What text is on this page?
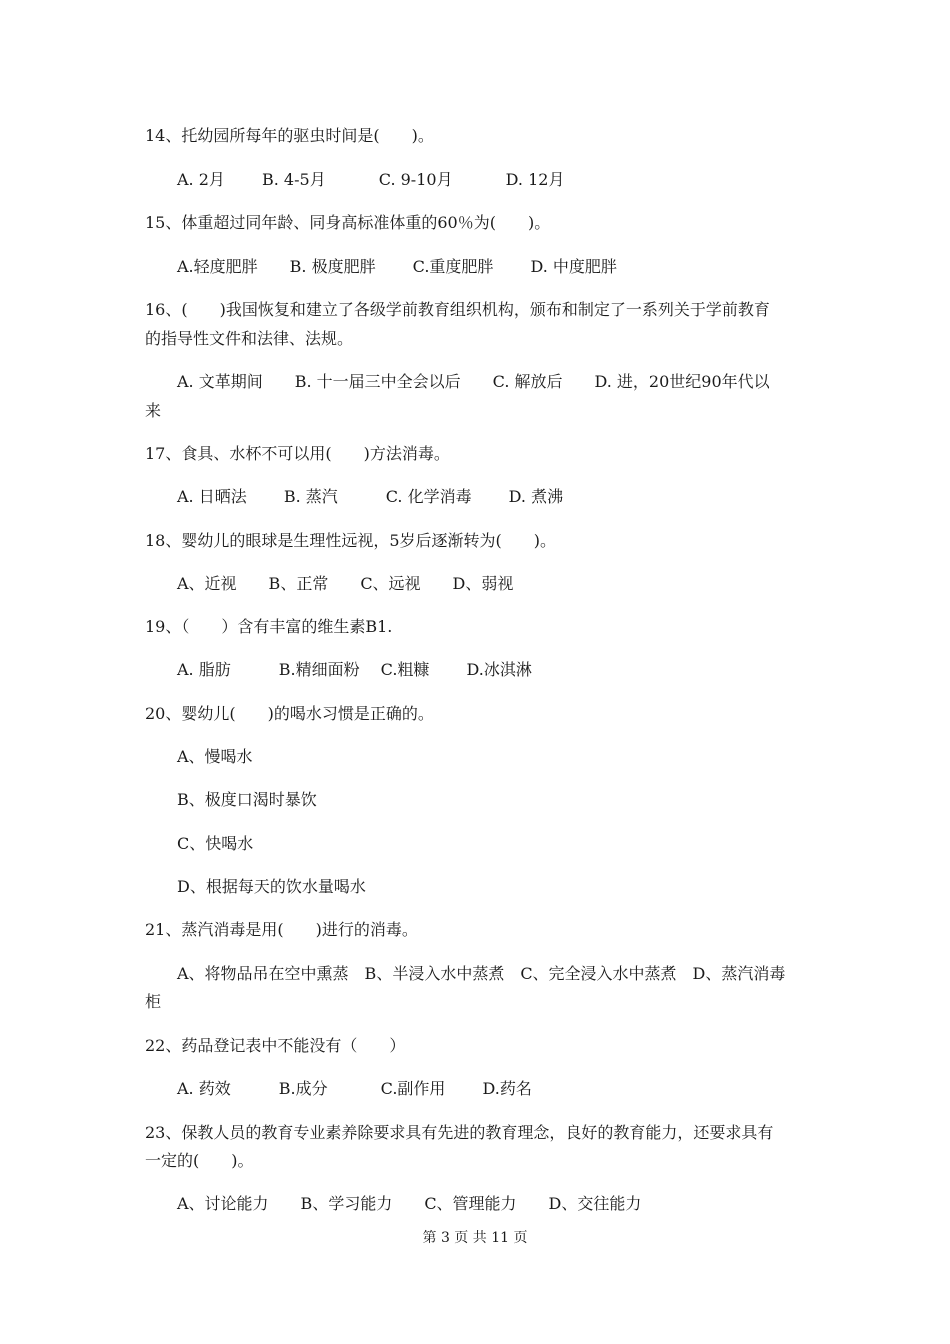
14、托幼园所每年的驱虫时间是(　　)。
A. 2月　　 B. 4-5月　　　 C. 9-10月　　　 D. 12月
15、体重超过同年龄、同身高标准体重的60％为(　　)。
A.轻度肥胖　　B. 极度肥胖　　 C.重度肥胖　　 D. 中度肥胖
16、(　　)我国恢复和建立了各级学前教育组织机构，颁布和制定了一系列关于学前教育
的指导性文件和法律、法规。
A. 文革期间　　B. 十一届三中全会以后　　C. 解放后　　D. 进，20世纪90年代以
来
17、食具、水杯不可以用(　　)方法消毒。
A. 日晒法　　 B. 蒸汽　　　C. 化学消毒　　 D. 煮沸
18、婴幼儿的眼球是生理性远视，5岁后逐渐转为(　　)。
A、近视　　B、正常　　C、远视　　D、弱视
19、（　　）含有丰富的维生素B1.
A. 脂肪　　　B.精细面粉　 C.粗糠　　 D.冰淇淋
20、婴幼儿(　　)的喝水习惯是正确的。
A、慢喝水
B、极度口渴时暴饮
C、快喝水
D、根据每天的饮水量喝水
21、蒸汽消毒是用(　　)进行的消毒。
A、将物品吊在空中熏蒸　B、半浸入水中蒸煮　C、完全浸入水中蒸煮　D、蒸汽消毒
柜
22、药品登记表中不能没有（　　）
A. 药效　　　B.成分　　　 C.副作用　　 D.药名
23、保教人员的教育专业素养除要求具有先进的教育理念，良好的教育能力，还要求具有
一定的(　　)。
A、讨论能力　　B、学习能力　　C、管理能力　　D、交往能力
第 3 页 共 11 页
